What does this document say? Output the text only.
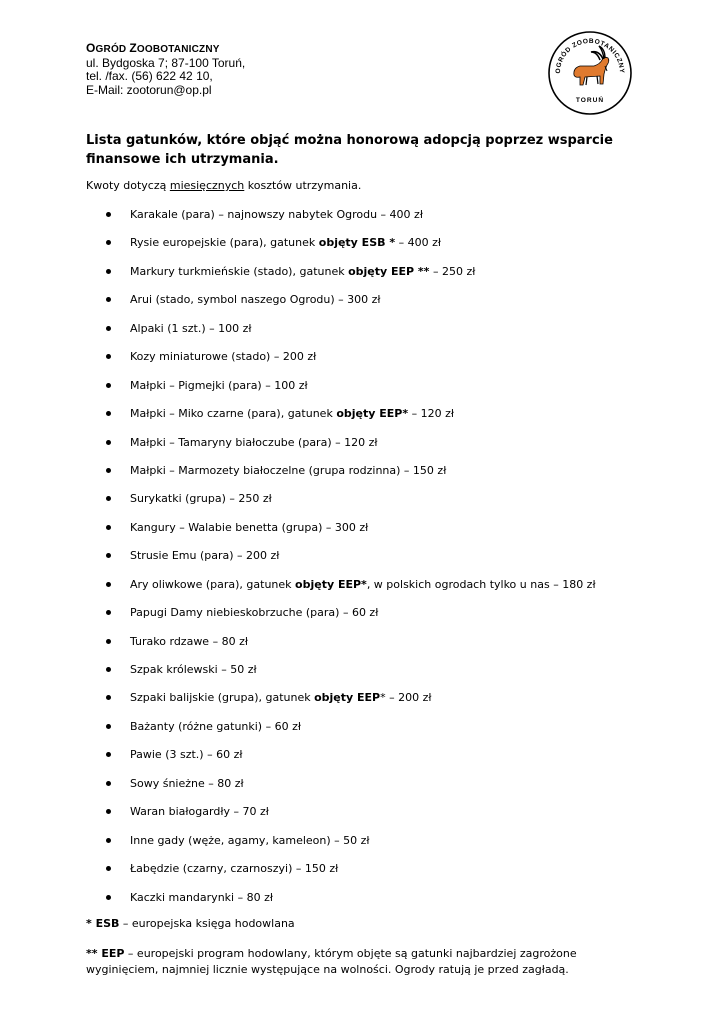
OGRÓD ZOOBOTANICZNY
ul. Bydgoska 7; 87-100 Toruń,
tel. /fax. (56) 622 42 10,
E-Mail: zootorun@op.pl
OGRÓD ZOOBOTANICZNY
TORUŃ
Lista gatunków, które objąć można honorową adopcją poprzez wsparcie finansowe ich utrzymania.
Kwoty dotyczą miesięcznych kosztów utrzymania.
Karakale (para) – najnowszy nabytek Ogrodu – 400 zł
Rysie europejskie (para), gatunek objęty ESB * – 400 zł
Markury turkmieńskie (stado), gatunek objęty EEP ** – 250 zł
Arui (stado, symbol naszego Ogrodu) – 300 zł
Alpaki (1 szt.) – 100 zł
Kozy miniaturowe (stado) – 200 zł
Małpki – Pigmejki (para) – 100 zł
Małpki – Miko czarne (para), gatunek objęty EEP* – 120 zł
Małpki – Tamaryny białoczube (para) – 120 zł
Małpki – Marmozety białoczelne (grupa rodzinna) – 150 zł
Surykatki (grupa) – 250 zł
Kangury – Walabie benetta (grupa) – 300 zł
Strusie Emu (para) – 200 zł
Ary oliwkowe (para), gatunek objęty EEP*, w polskich ogrodach tylko u nas – 180 zł
Papugi Damy niebieskobrzuche (para) – 60 zł
Turako rdzawe – 80 zł
Szpak królewski – 50 zł
Szpaki balijskie (grupa), gatunek objęty EEP* – 200 zł
Bażanty (różne gatunki) – 60 zł
Pawie (3 szt.) – 60 zł
Sowy śnieżne – 80 zł
Waran białogardły – 70 zł
Inne gady (węże, agamy, kameleon) – 50 zł
Łabędzie (czarny, czarnoszyi) – 150 zł
Kaczki mandarynki – 80 zł
* ESB – europejska księga hodowlana
** EEP – europejski program hodowlany, którym objęte są gatunki najbardziej zagrożone wyginięciem, najmniej licznie występujące na wolności. Ogrody ratują je przed zagładą.
